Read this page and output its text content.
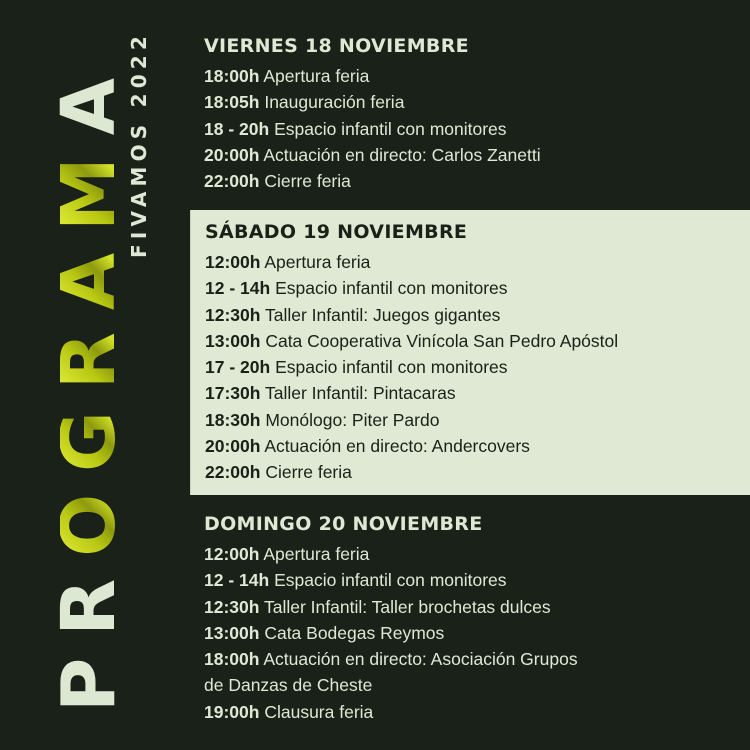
P
R
O
G
R
A
M
A
FIVAMOS 2022	VIERNES 18 NOVIEMBRE
18:00h Apertura feria
18:05h Inauguración feria
18 - 20h Espacio infantil con monitores
20:00h Actuación en directo: Carlos Zanetti
22:00h Cierre feria
SÁBADO 19 NOVIEMBRE
12:00h Apertura feria
12 - 14h Espacio infantil con monitores
12:30h Taller Infantil: Juegos gigantes
13:00h Cata Cooperativa Vinícola San Pedro Apóstol
17 - 20h Espacio infantil con monitores
17:30h Taller Infantil: Pintacaras
18:30h Monólogo: Piter Pardo
20:00h Actuación en directo: Andercovers
22:00h Cierre feria
DOMINGO 20 NOVIEMBRE
12:00h Apertura feria
12 - 14h Espacio infantil con monitores
12:30h Taller Infantil: Taller brochetas dulces
13:00h Cata Bodegas Reymos
18:00h Actuación en directo: Asociación Grupos
de Danzas de Cheste
19:00h Clausura feria
